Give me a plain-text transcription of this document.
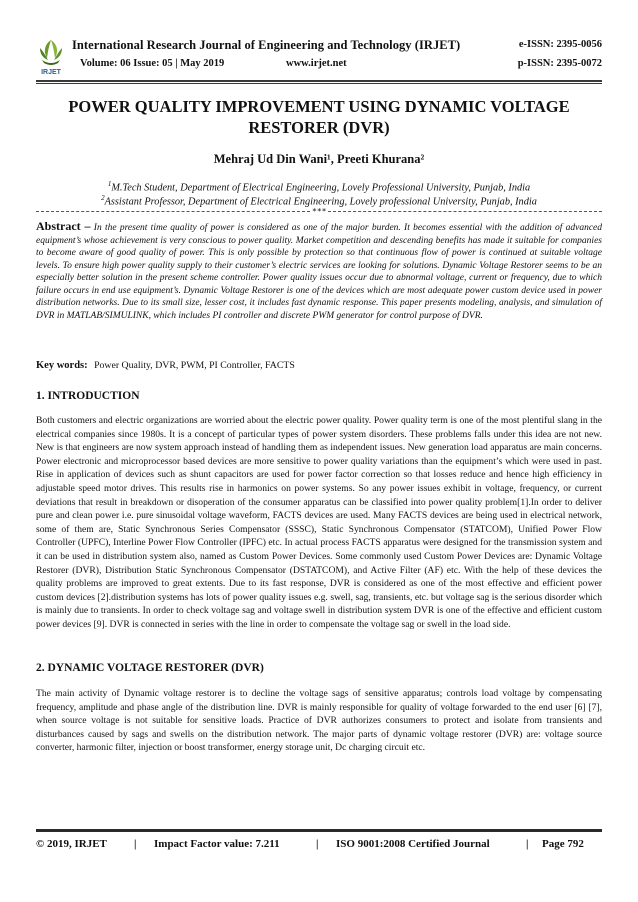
IRJET
International Research Journal of Engineering and Technology (IRJET)	e-ISSN: 2395-0056
Volume: 06 Issue: 05 | May 2019	www.irjet.net	p-ISSN: 2395-0072
POWER QUALITY IMPROVEMENT USING DYNAMIC VOLTAGE
RESTORER (DVR)
Mehraj Ud Din Wani¹, Preeti Khurana²
$^1$M.Tech Student, Department of Electrical Engineering, Lovely Professional University, Punjab, India
$^2$Assistant Professor, Department of Electrical Engineering, Lovely professional University, Punjab, India
***
Abstract – In the present time quality of power is considered as one of the major burden. It becomes essential with the addition of advanced equipment’s whose achievement is very conscious to power quality. Market competition and descending benefits has made it suitable for companies to become aware of good quality of power. This is only possible by protection so that continuous flow of power is continued at suitable voltage levels. To ensure high power quality supply to their customer’s electric services are looking for solutions. Dynamic Voltage Restorer seems to be an especially better solution in the present scheme controller. Power quality issues occur due to abnormal voltage, current or frequency, due to which failure occurs in end use equipment’s. Dynamic Voltage Restorer is one of the devices which are most adequate power custom device used in power distribution networks. Due to its small size, lesser cost, it includes fast dynamic response. This paper presents modeling, analysis, and simulation of DVR in MATLAB/SIMULINK, which includes PI controller and discrete PWM generator for control purpose of DVR.
Key words: Power Quality, DVR, PWM, PI Controller, FACTS
1. INTRODUCTION
Both customers and electric organizations are worried about the electric power quality. Power quality term is one of the most plentiful slang in the electrical companies since 1980s. It is a concept of particular types of power system disorders. These problems falls under this idea are not new. New is that engineers are now system approach instead of handling them as independent issues. New generation load apparatus are main concerns. Power electronic and microprocessor based devices are more sensitive to power quality variations than the equipment’s which were used in past. Rise in application of devices such as shunt capacitors are used for power factor correction so that losses reduce and hence high efficiency in adjustable speed motor drives. This results rise in harmonics on power systems. So any power issues exhibit in voltage, frequency, or current deviations that result in breakdown or disoperation of the consumer apparatus can be classified into power quality problem[1].In order to deliver pure and clean power i.e. pure sinusoidal voltage waveform, FACTS devices are used. Many FACTS devices are being used in electrical network, some of them are, Static Synchronous Series Compensator (SSSC), Static Synchronous Compensator (STATCOM), Unified Power Flow Controller (UPFC), Interline Power Flow Controller (IPFC) etc. In actual process FACTS apparatus were designed for the transmission system and it can be used in distribution system also, named as Custom Power Devices. Some commonly used Custom Power Devices are: Dynamic Voltage Restorer (DVR), Distribution Static Synchronous Compensator (DSTATCOM), and Active Filter (AF) etc. With the help of these devices the quality problems are improved to great extents. Due to its fast response, DVR is considered as one of the most effective and efficient power custom devices [2].distribution systems has lots of power quality issues e.g. swell, sag, transients, etc. but voltage sag is the serious disorder which is mainly due to transients. In order to check voltage sag and voltage swell in distribution system DVR is one of the effective and efficient custom power devices [9]. DVR is connected in series with the line in order to compensate the voltage sag or swell in the load side.
2. DYNAMIC VOLTAGE RESTORER (DVR)
The main activity of Dynamic voltage restorer is to decline the voltage sags of sensitive apparatus; controls load voltage by compensating frequency, amplitude and phase angle of the distribution line. DVR is mainly responsible for quality of voltage forwarded to the end user [6] [7], when source voltage is not suitable for sensitive loads. Practice of DVR authorizes consumers to protect and isolate from transients and disturbances caused by sags and swells on the distribution network. The major parts of dynamic voltage restorer (DVR) are: voltage source converter, harmonic filter, injection or boost transformer, energy storage unit, Dc charging circuit etc.
© 2019, IRJET | Impact Factor value: 7.211	| ISO 9001:2008 Certified Journal	| Page 792
